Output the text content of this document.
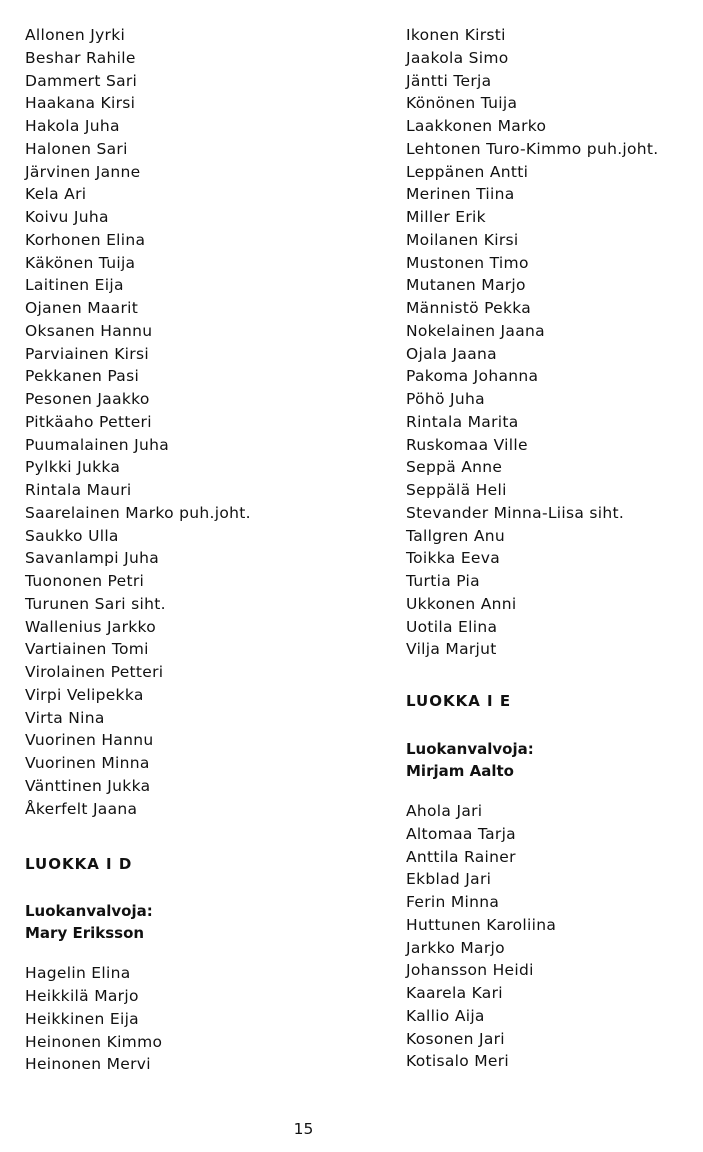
Allonen Jyrki
Beshar Rahile
Dammert Sari
Haakana Kirsi
Hakola Juha
Halonen Sari
Järvinen Janne
Kela Ari
Koivu Juha
Korhonen Elina
Käkönen Tuija
Laitinen Eija
Ojanen Maarit
Oksanen Hannu
Parviainen Kirsi
Pekkanen Pasi
Pesonen Jaakko
Pitkäaho Petteri
Puumalainen Juha
Pylkki Jukka
Rintala Mauri
Saarelainen Marko puh.joht.
Saukko Ulla
Savanlampi Juha
Tuononen Petri
Turunen Sari siht.
Wallenius Jarkko
Vartiainen Tomi
Virolainen Petteri
Virpi Velipekka
Virta Nina
Vuorinen Hannu
Vuorinen Minna
Vänttinen Jukka
Åkerfelt Jaana
LUOKKA I D
Luokanvalvoja:
Mary Eriksson
Hagelin Elina
Heikkilä Marjo
Heikkinen Eija
Heinonen Kimmo
Heinonen Mervi
Ikonen Kirsti
Jaakola Simo
Jäntti Terja
Könönen Tuija
Laakkonen Marko
Lehtonen Turo-Kimmo puh.joht.
Leppänen Antti
Merinen Tiina
Miller Erik
Moilanen Kirsi
Mustonen Timo
Mutanen Marjo
Männistö Pekka
Nokelainen Jaana
Ojala Jaana
Pakoma Johanna
Pöhö Juha
Rintala Marita
Ruskomaa Ville
Seppä Anne
Seppälä Heli
Stevander Minna-Liisa siht.
Tallgren Anu
Toikka Eeva
Turtia Pia
Ukkonen Anni
Uotila Elina
Vilja Marjut
LUOKKA I E
Luokanvalvoja:
Mirjam Aalto
Ahola Jari
Altomaa Tarja
Anttila Rainer
Ekblad Jari
Ferin Minna
Huttunen Karoliina
Jarkko Marjo
Johansson Heidi
Kaarela Kari
Kallio Aija
Kosonen Jari
Kotisalo Meri
15
